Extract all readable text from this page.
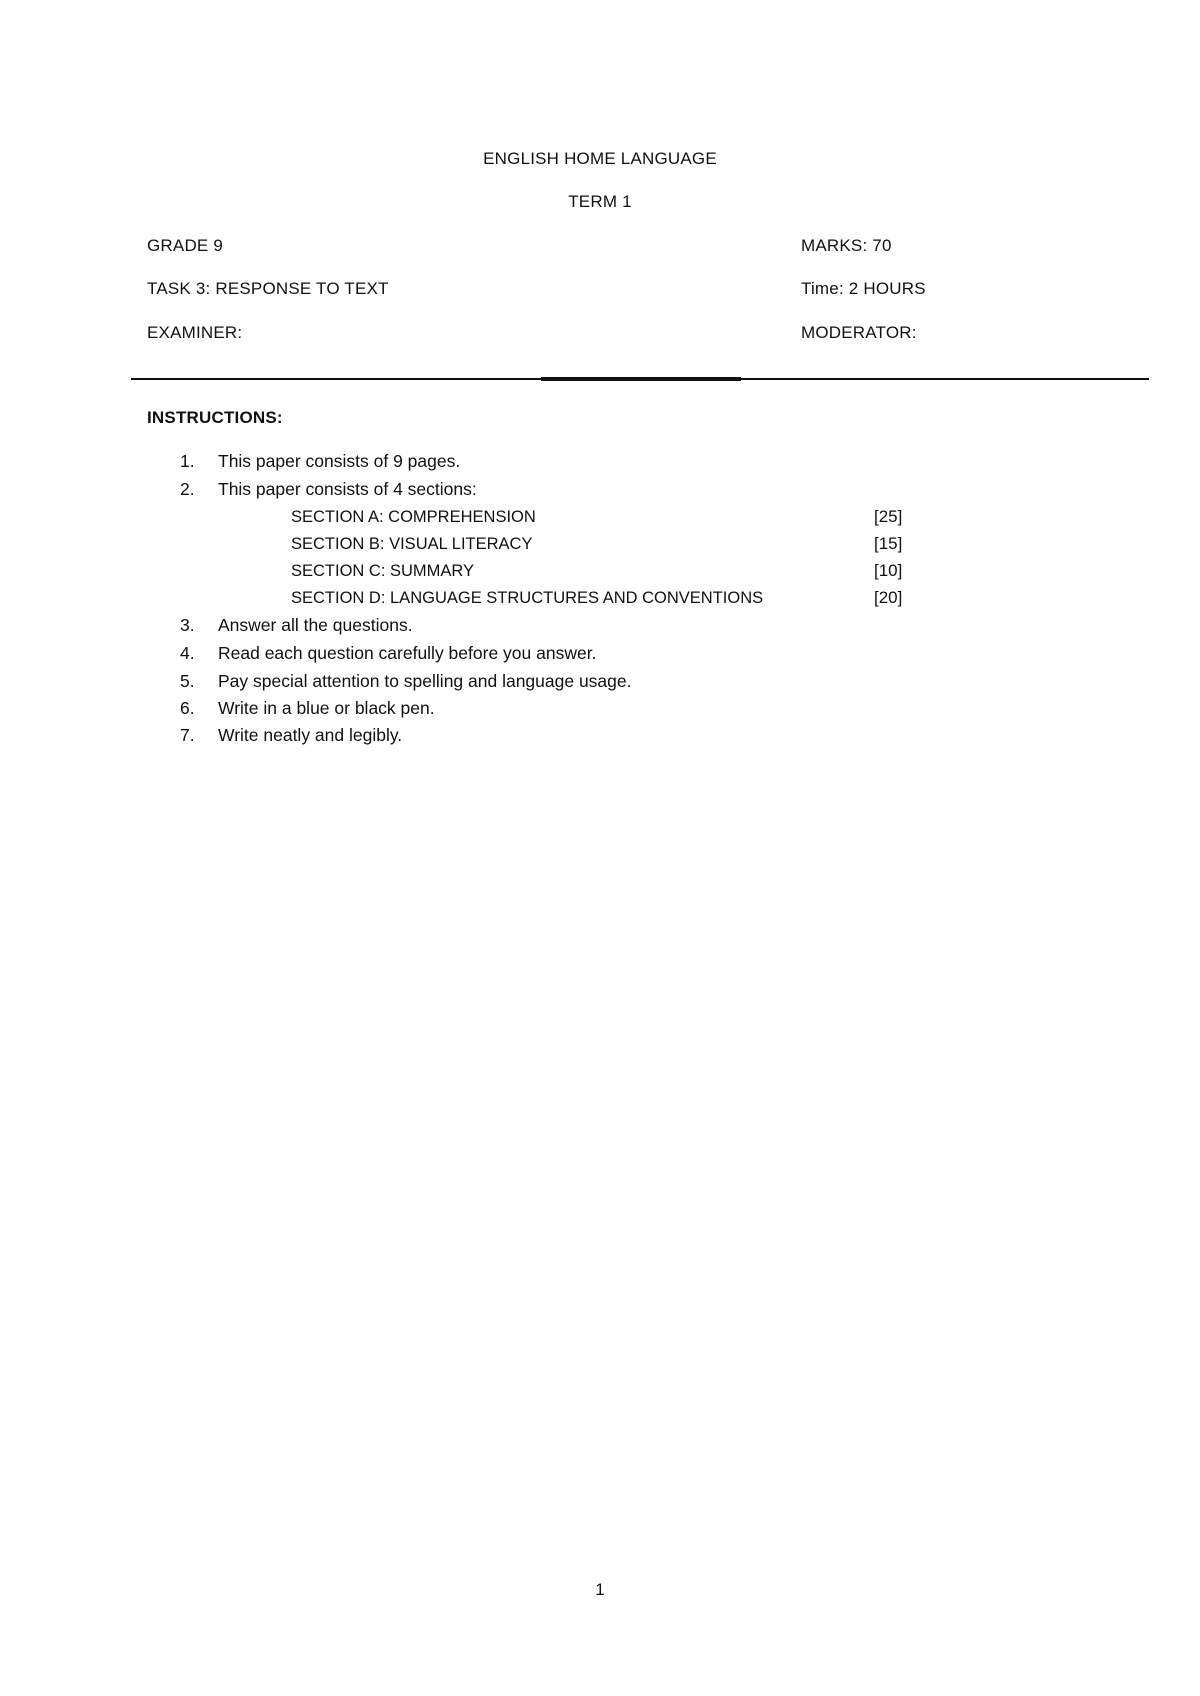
ENGLISH HOME LANGUAGE
TERM 1
GRADE 9	MARKS: 70
TASK 3: RESPONSE TO TEXT	Time: 2 HOURS
EXAMINER:	MODERATOR:
INSTRUCTIONS:
1. This paper consists of 9 pages.
2. This paper consists of 4 sections:
SECTION A: COMPREHENSION	[25]
SECTION B: VISUAL LITERACY	[15]
SECTION C: SUMMARY	[10]
SECTION D: LANGUAGE STRUCTURES AND CONVENTIONS	[20]
3. Answer all the questions.
4. Read each question carefully before you answer.
5. Pay special attention to spelling and language usage.
6. Write in a blue or black pen.
7. Write neatly and legibly.
1
